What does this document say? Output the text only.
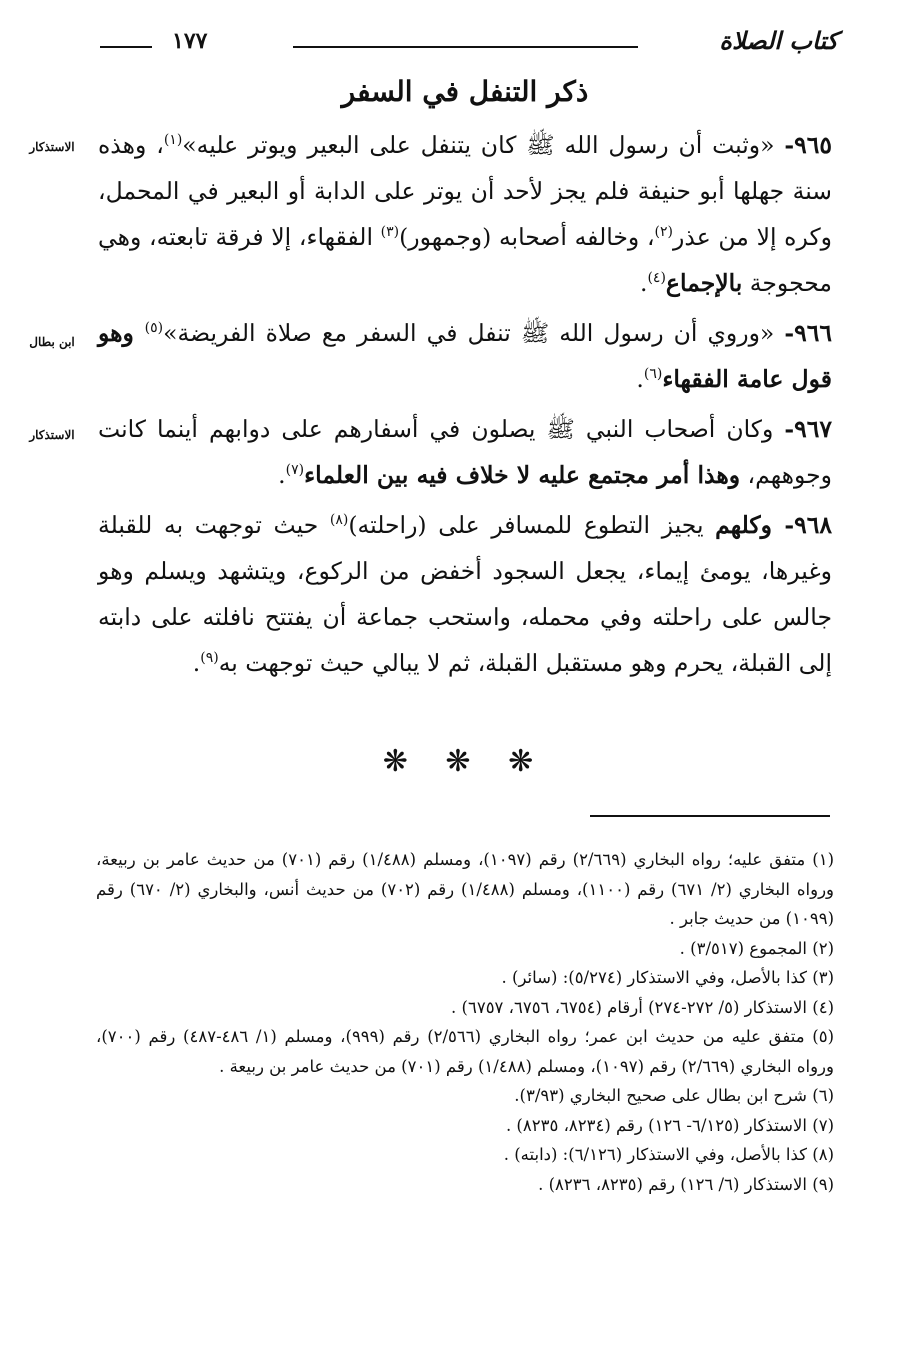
كتاب الصلاة
١٧٧
ذكر التنفل في السفر
الاستذكار
ابن بطال
الاستذكار

٩٦٥- «وثبت أن رسول الله ﷺ كان يتنفل على البعير ويوتر عليه»$^{(١)}$، وهذه سنة جهلها أبو حنيفة فلم يجز لأحد أن يوتر على الدابة أو البعير في المحمل، وكره إلا من عذر$^{(٢)}$، وخالفه أصحابه (وجمهور)$^{(٣)}$ الفقهاء، إلا فرقة تابعته، وهي محجوجة بالإجماع$^{(٤)}$.

٩٦٦- «وروي أن رسول الله ﷺ تنفل في السفر مع صلاة الفريضة»$^{(٥)}$ وهو قول عامة الفقهاء$^{(٦)}$.

٩٦٧- وكان أصحاب النبي ﷺ يصلون في أسفارهم على دوابهم أينما كانت وجوههم، وهذا أمر مجتمع عليه لا خلاف فيه بين العلماء$^{(٧)}$.

٩٦٨- وكلهم يجيز التطوع للمسافر على (راحلته)$^{(٨)}$ حيث توجهت به للقبلة وغيرها، يومئ إيماء، يجعل السجود أخفض من الركوع، ويتشهد ويسلم وهو جالس على راحلته وفي محمله، واستحب جماعة أن يفتتح نافلته على دابته إلى القبلة، يحرم وهو مستقبل القبلة، ثم لا يبالي حيث توجهت به$^{(٩)}$.

❋ ❋ ❋

(١) متفق عليه؛ رواه البخاري (٢/٦٦٩) رقم (١٠٩٧)، ومسلم (١/٤٨٨) رقم (٧٠١) من حديث عامر بن ربيعة، ورواه البخاري (٢/ ٦٧١) رقم (١١٠٠)، ومسلم (١/٤٨٨) رقم (٧٠٢) من حديث أنس، والبخاري (٢/ ٦٧٠) رقم (١٠٩٩) من حديث جابر .

(٢) المجموع (٣/٥١٧) .

(٣) كذا بالأصل، وفي الاستذكار (٥/٢٧٤): (سائر) .

(٤) الاستذكار (٥/ ٢٧٢-٢٧٤) أرقام (٦٧٥٤، ٦٧٥٦، ٦٧٥٧) .

(٥) متفق عليه من حديث ابن عمر؛ رواه البخاري (٢/٥٦٦) رقم (٩٩٩)، ومسلم (١/ ٤٨٦-٤٨٧) رقم (٧٠٠)، ورواه البخاري (٢/٦٦٩) رقم (١٠٩٧)، ومسلم (١/٤٨٨) رقم (٧٠١) من حديث عامر بن ربيعة .

(٦) شرح ابن بطال على صحيح البخاري (٣/٩٣).

(٧) الاستذكار (٦/١٢٥- ١٢٦) رقم (٨٢٣٤، ٨٢٣٥) .

(٨) كذا بالأصل، وفي الاستذكار (٦/١٢٦): (دابته) .

(٩) الاستذكار (٦/ ١٢٦) رقم (٨٢٣٥، ٨٢٣٦) .
